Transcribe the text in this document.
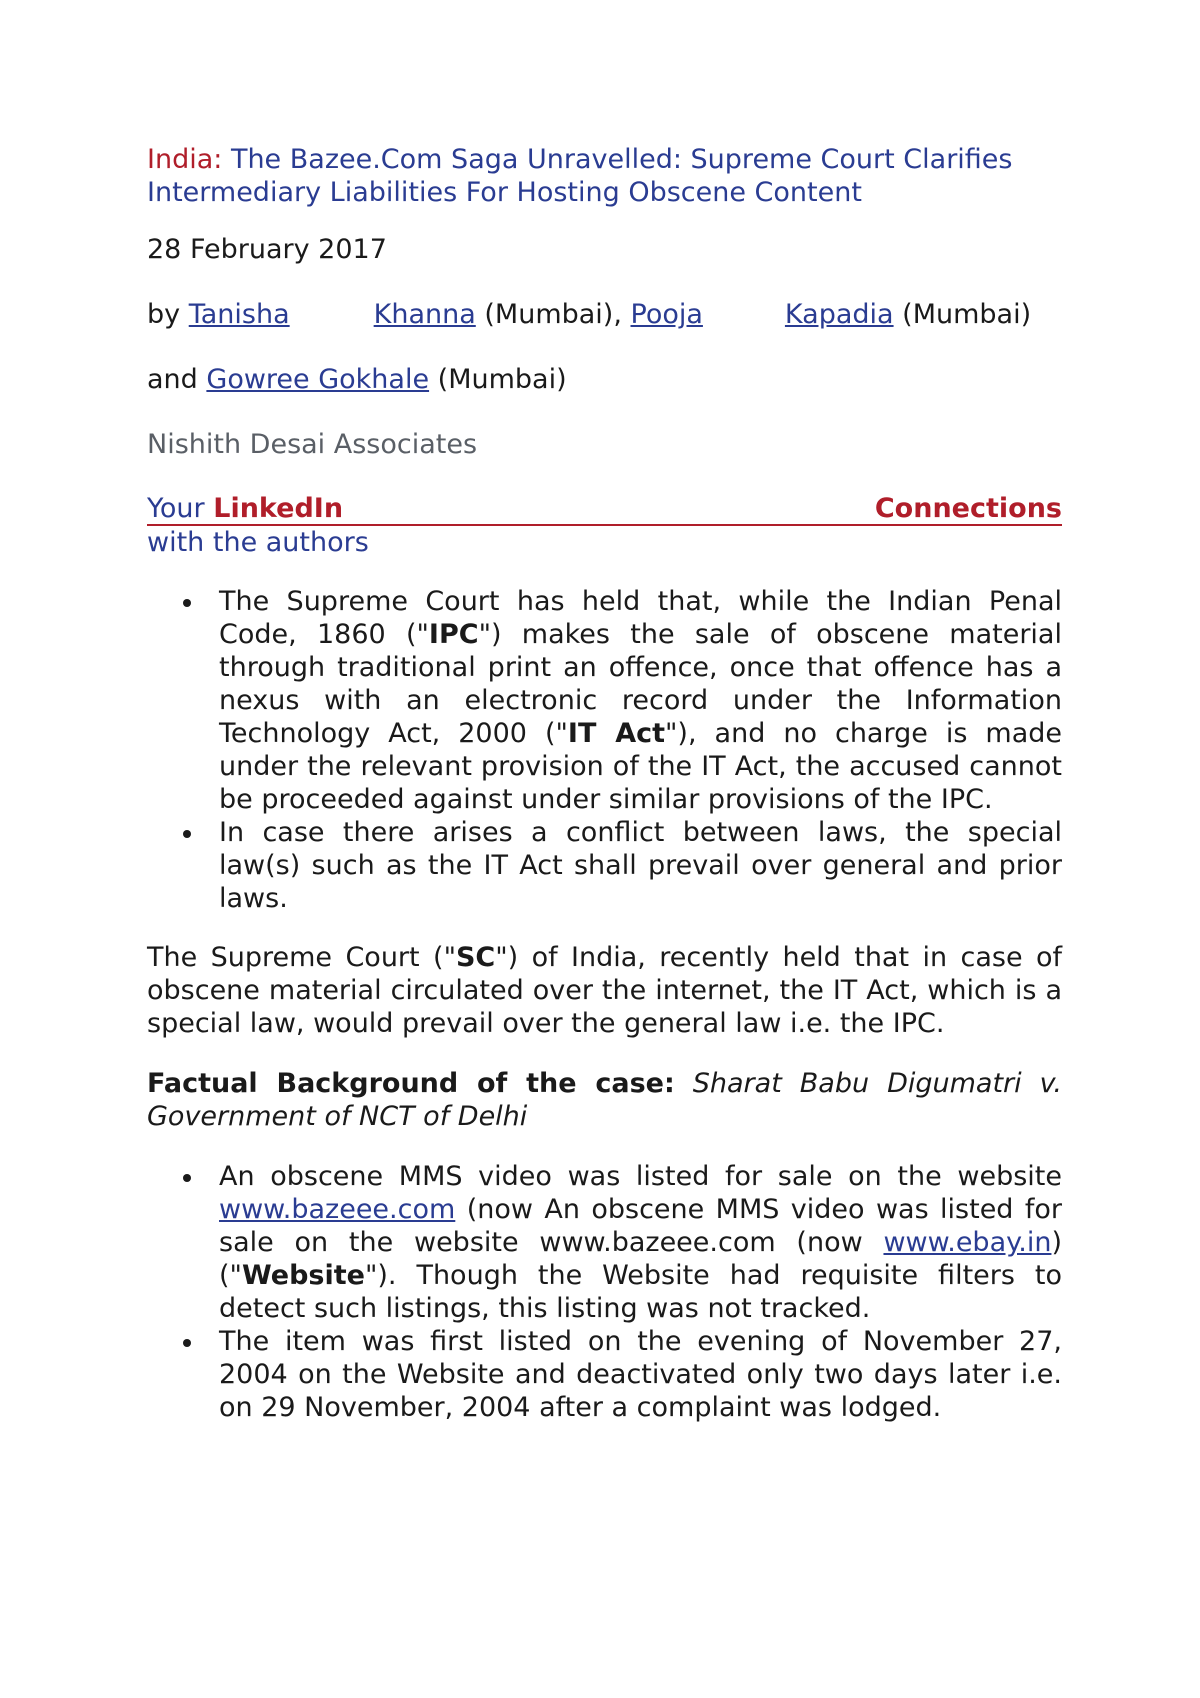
India: The Bazee.Com Saga Unravelled: Supreme Court Clarifies Intermediary Liabilities For Hosting Obscene Content

28 February 2017

by Tanisha	Khanna (Mumbai), Pooja	Kapadia (Mumbai)

and Gowree Gokhale (Mumbai)

Nishith Desai Associates

Your LinkedIn	Connections
with the authors
The Supreme Court has held that, while the Indian Penal Code, 1860 ("IPC") makes the sale of obscene material through traditional print an offence, once that offence has a nexus with an electronic record under the Information Technology Act, 2000 ("IT Act"), and no charge is made under the relevant provision of the IT Act, the accused cannot be proceeded against under similar provisions of the IPC.
In case there arises a conflict between laws, the special law(s) such as the IT Act shall prevail over general and prior laws.

The Supreme Court ("SC") of India, recently held that in case of obscene material circulated over the internet, the IT Act, which is a special law, would prevail over the general law i.e. the IPC.

Factual Background of the case: Sharat Babu Digumatri v. Government of NCT of Delhi

An obscene MMS video was listed for sale on the website www.bazeee.com (now An obscene MMS video was listed for sale on the website www.bazeee.com (now www.ebay.in) ("Website"). Though the Website had requisite filters to detect such listings, this listing was not tracked.
The item was first listed on the evening of November 27, 2004 on the Website and deactivated only two days later i.e. on 29 November, 2004 after a complaint was lodged.
